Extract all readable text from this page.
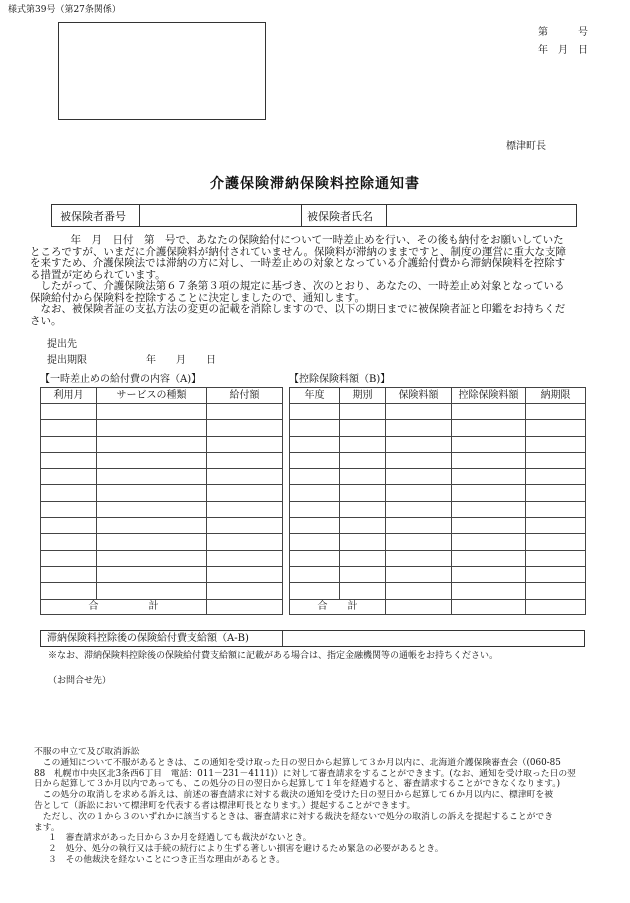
様式第39号（第27条関係）
第　　　号
年　月　日
標津町長
介護保険滞納保険料控除通知書
被保険者番号	被保険者氏名
　年　月　日付　第　号で、あなたの保険給付について一時差止めを行い、その後も納付をお願いしていた
ところですが、いまだに介護保険料が納付されていません。保険料が滞納のままですと、制度の運営に重大な支障
を来すため、介護保険法では滞納の方に対し、一時差止めの対象となっている介護給付費から滞納保険料を控除す
る措置が定められています。
　したがって、介護保険法第６７条第３項の規定に基づき、次のとおり、あなたの、一時差止め対象となっている
保険給付から保険料を控除することに決定しましたので、通知します。
　なお、被保険者証の支払方法の変更の記載を消除しますので、以下の期日までに被保険者証と印鑑をお持ちくだ
さい。
提出先
提出期限	年　　月　　日
【一時差止めの給付費の内容（A)】
利用月	サービスの種類	給付額

合　　　　　計		
【控除保険料額（B)】
年度	期別	保険料額	控除保険料額	納期限

合　　計				
滞納保険料控除後の保険給付費支給額（A-B)
※なお、滞納保険料控除後の保険給付費支給額に記載がある場合は、指定金融機関等の通帳をお持ちください。
（お問合せ先）
不服の申立て及び取消訴訟
　この通知について不服があるときは、この通知を受け取った日の翌日から起算して３か月以内に、北海道介護保険審査会（(060-85
88　札幌市中央区北3条西6丁目　電話：011－231－4111)）に対して審査請求をすることができます。(なお、通知を受け取った日の翌
日から起算して３か月以内であっても、この処分の日の翌日から起算して１年を経過すると、審査請求することができなくなります。)
　この処分の取消しを求める訴えは、前述の審査請求に対する裁決の通知を受けた日の翌日から起算して６か月以内に、標津町を被
告として（訴訟において標津町を代表する者は標津町長となります。）提起することができます。
　ただし、次の１から３のいずれかに該当するときは、審査請求に対する裁決を経ないで処分の取消しの訴えを提起することができ
ます。
１　審査請求があった日から３か月を経過しても裁決がないとき。
２　処分、処分の執行又は手続の続行により生ずる著しい損害を避けるため緊急の必要があるとき。
３　その他裁決を経ないことにつき正当な理由があるとき。
